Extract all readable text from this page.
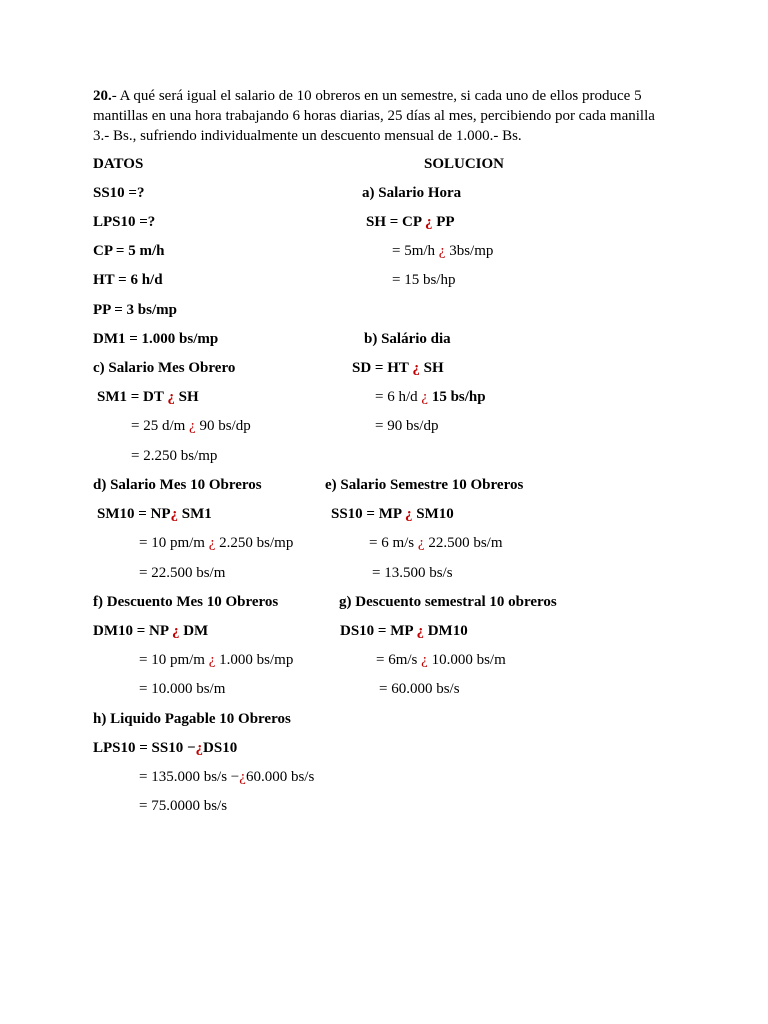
20.- A qué será igual el salario de 10 obreros en un semestre, si cada uno de ellos produce 5
mantillas en una hora trabajando 6 horas diarias, 25 días al mes, percibiendo por cada manilla
3.- Bs., sufriendo individualmente un descuento mensual de 1.000.- Bs.
DATOS	SOLUCION
SS10 =?
LPS10 =?
CP = 5 m/h
HT = 6 h/d
PP = 3 bs/mp
DM1 = 1.000 bs/mp
a) Salario Hora
SH = CP ¿ PP
= 5m/h ¿ 3bs/mp
= 15 bs/hp
b) Salário dia
SD = HT ¿ SH
= 6 h/d ¿ 15 bs/hp
= 90 bs/dp
c) Salario Mes Obrero
SM1 = DT ¿ SH
= 25 d/m ¿ 90 bs/dp
= 2.250 bs/mp
d) Salario Mes 10 Obreros
SM10 = NP¿ SM1
= 10 pm/m ¿ 2.250 bs/mp
= 22.500 bs/m
e) Salario Semestre 10 Obreros
SS10 = MP ¿ SM10
= 6 m/s ¿ 22.500 bs/m
= 13.500 bs/s
f) Descuento Mes 10 Obreros
DM10 = NP ¿ DM
= 10 pm/m ¿ 1.000 bs/mp
= 10.000 bs/m
g) Descuento semestral 10 obreros
DS10 = MP ¿ DM10
= 6m/s ¿ 10.000 bs/m
= 60.000 bs/s
h) Liquido Pagable 10 Obreros
LPS10 = SS10 −¿DS10
= 135.000 bs/s −¿60.000 bs/s
= 75.0000 bs/s
